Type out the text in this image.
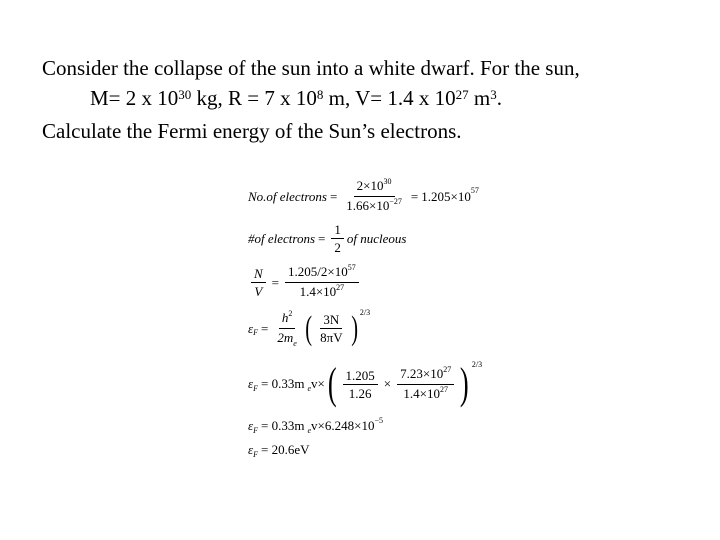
Consider the collapse of the sun into a white dwarf. For the sun,
M= 2 x $10^{30}$ kg, R = 7 x $10^8$ m, V= 1.4 x $10^{27}$ $m^3$.
Calculate the Fermi energy of the Sun’s electrons.
No.of electrons = $\frac{2\times 10^{30}}{1.66\times 10^{-27}} = 1.205\times 10$ 57
#of electrons = $\frac{1}{2}$ of nucleous
$\frac{N}{V} = \frac{1.205/2\times 10^{57}}{1.4\times 10^{27}}$
ε $F = \frac{h^2}{2m_e}$ ( $\frac{3N}{8\pi V}$ ) 2/3
ε F = 0.33m e v× ( $\frac{1.205}{1.26} \times \frac{7.23\times 10^{27}}{1.4\times 10^{27}}$ ) 2/3
ε F = 0.33m e v×6.248×10 −5
ε F = 20.6eV
